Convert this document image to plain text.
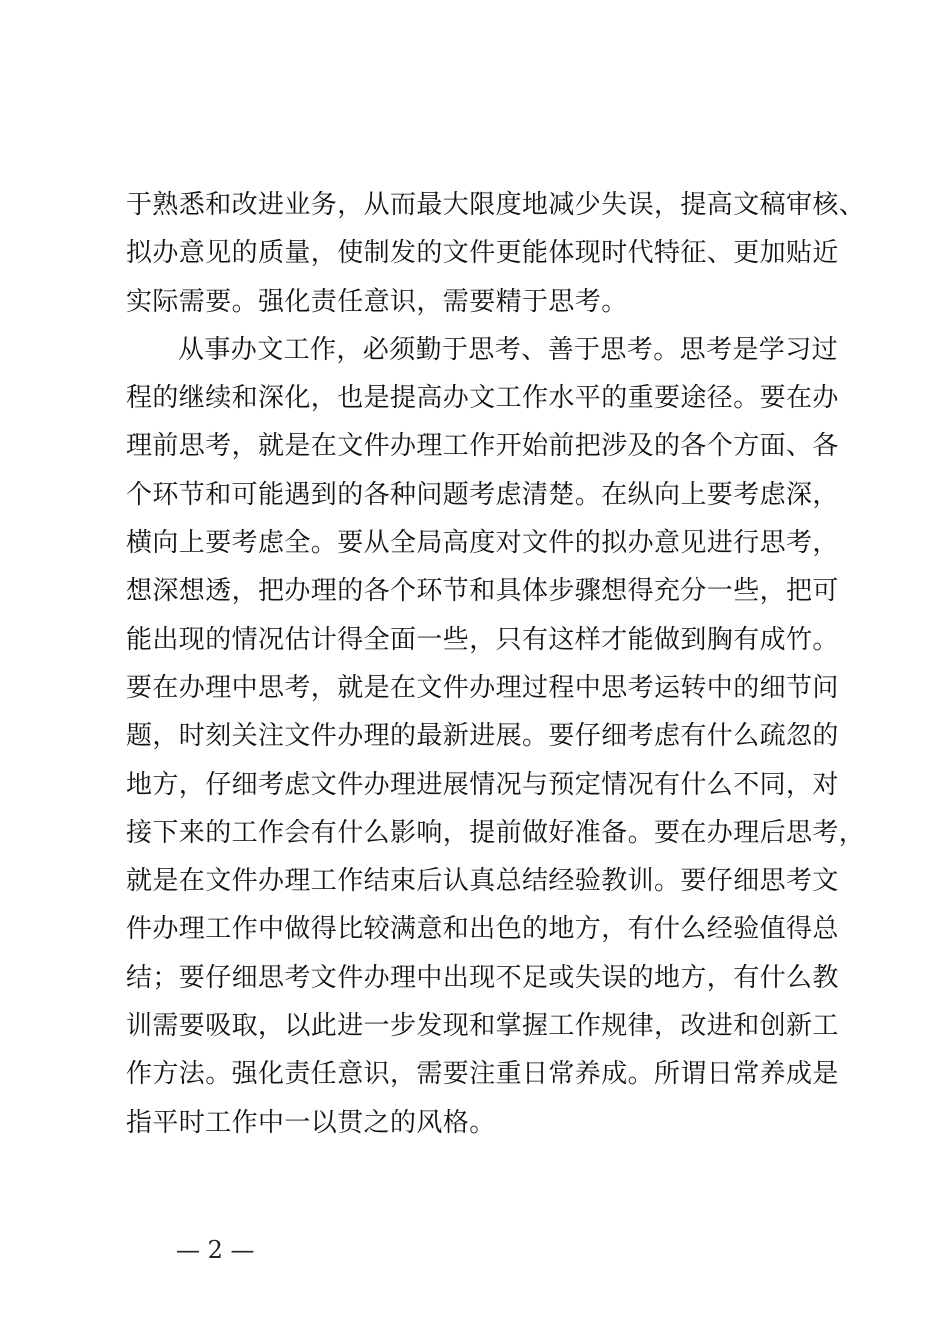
于熟悉和改进业务，从而最大限度地减少失误，提高文稿审核、
拟办意见的质量，使制发的文件更能体现时代特征、更加贴近
实际需要。强化责任意识，需要精于思考。
从事办文工作，必须勤于思考、善于思考。思考是学习过
程的继续和深化，也是提高办文工作水平的重要途径。要在办
理前思考，就是在文件办理工作开始前把涉及的各个方面、各
个环节和可能遇到的各种问题考虑清楚。在纵向上要考虑深，
横向上要考虑全。要从全局高度对文件的拟办意见进行思考，
想深想透，把办理的各个环节和具体步骤想得充分一些，把可
能出现的情况估计得全面一些，只有这样才能做到胸有成竹。
要在办理中思考，就是在文件办理过程中思考运转中的细节问
题，时刻关注文件办理的最新进展。要仔细考虑有什么疏忽的
地方，仔细考虑文件办理进展情况与预定情况有什么不同，对
接下来的工作会有什么影响，提前做好准备。要在办理后思考，
就是在文件办理工作结束后认真总结经验教训。要仔细思考文
件办理工作中做得比较满意和出色的地方，有什么经验值得总
结；要仔细思考文件办理中出现不足或失误的地方，有什么教
训需要吸取，以此进一步发现和掌握工作规律，改进和创新工
作方法。强化责任意识，需要注重日常养成。所谓日常养成是
指平时工作中一以贯之的风格。
— 2 —
